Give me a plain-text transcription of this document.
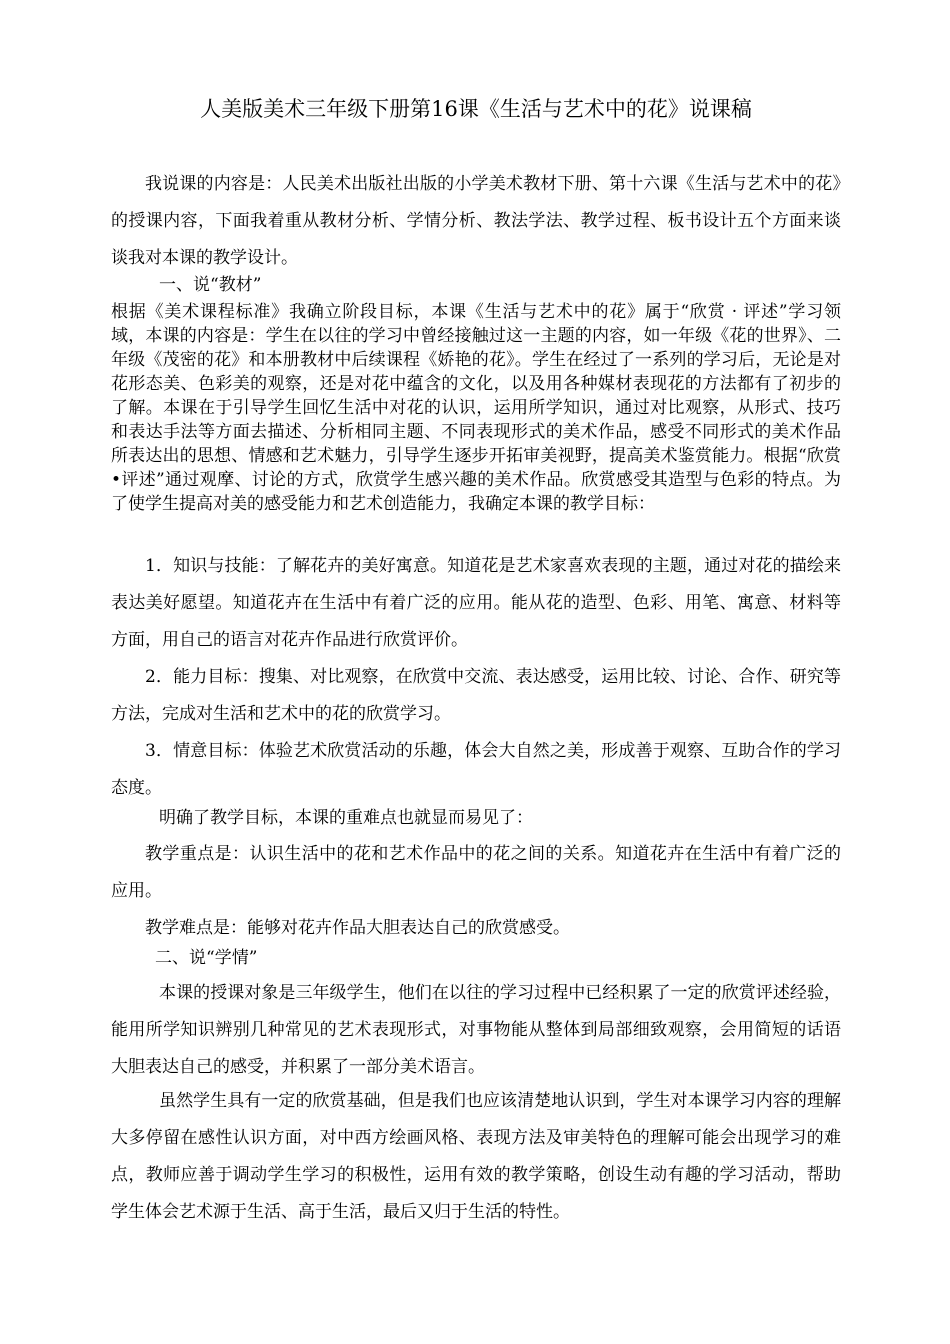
人美版美术三年级下册第16课《生活与艺术中的花》说课稿
我说课的内容是：人民美术出版社出版的小学美术教材下册、第十六课《生活与艺术中的花》的授课内容，下面我着重从教材分析、学情分析、教法学法、教学过程、板书设计五个方面来谈谈我对本课的教学设计。
一、说“教材”
根据《美术课程标准》我确立阶段目标，本课《生活与艺术中的花》属于“欣赏 · 评述”学习领域，本课的内容是：学生在以往的学习中曾经接触过这一主题的内容，如一年级《花的世界》、二年级《茂密的花》和本册教材中后续课程《娇艳的花》。学生在经过了一系列的学习后，无论是对花形态美、色彩美的观察，还是对花中蕴含的文化，以及用各种媒材表现花的方法都有了初步的了解。本课在于引导学生回忆生活中对花的认识，运用所学知识，通过对比观察，从形式、技巧和表达手法等方面去描述、分析相同主题、不同表现形式的美术作品，感受不同形式的美术作品所表达出的思想、情感和艺术魅力，引导学生逐步开拓审美视野，提高美术鉴赏能力。根据“欣赏•评述”通过观摩、讨论的方式，欣赏学生感兴趣的美术作品。欣赏感受其造型与色彩的特点。为了使学生提高对美的感受能力和艺术创造能力，我确定本课的教学目标：
1．知识与技能：了解花卉的美好寓意。知道花是艺术家喜欢表现的主题，通过对花的描绘来表达美好愿望。知道花卉在生活中有着广泛的应用。能从花的造型、色彩、用笔、寓意、材料等方面，用自己的语言对花卉作品进行欣赏评价。
2．能力目标：搜集、对比观察，在欣赏中交流、表达感受，运用比较、讨论、合作、研究等方法，完成对生活和艺术中的花的欣赏学习。
3．情意目标：体验艺术欣赏活动的乐趣，体会大自然之美，形成善于观察、互助合作的学习态度。
明确了教学目标，本课的重难点也就显而易见了：
教学重点是：认识生活中的花和艺术作品中的花之间的关系。知道花卉在生活中有着广泛的应用。
教学难点是：能够对花卉作品大胆表达自己的欣赏感受。
二、说“学情”
本课的授课对象是三年级学生，他们在以往的学习过程中已经积累了一定的欣赏评述经验，能用所学知识辨别几种常见的艺术表现形式，对事物能从整体到局部细致观察，会用简短的话语大胆表达自己的感受，并积累了一部分美术语言。
虽然学生具有一定的欣赏基础，但是我们也应该清楚地认识到，学生对本课学习内容的理解大多停留在感性认识方面，对中西方绘画风格、表现方法及审美特色的理解可能会出现学习的难点，教师应善于调动学生学习的积极性，运用有效的教学策略，创设生动有趣的学习活动，帮助学生体会艺术源于生活、高于生活，最后又归于生活的特性。
